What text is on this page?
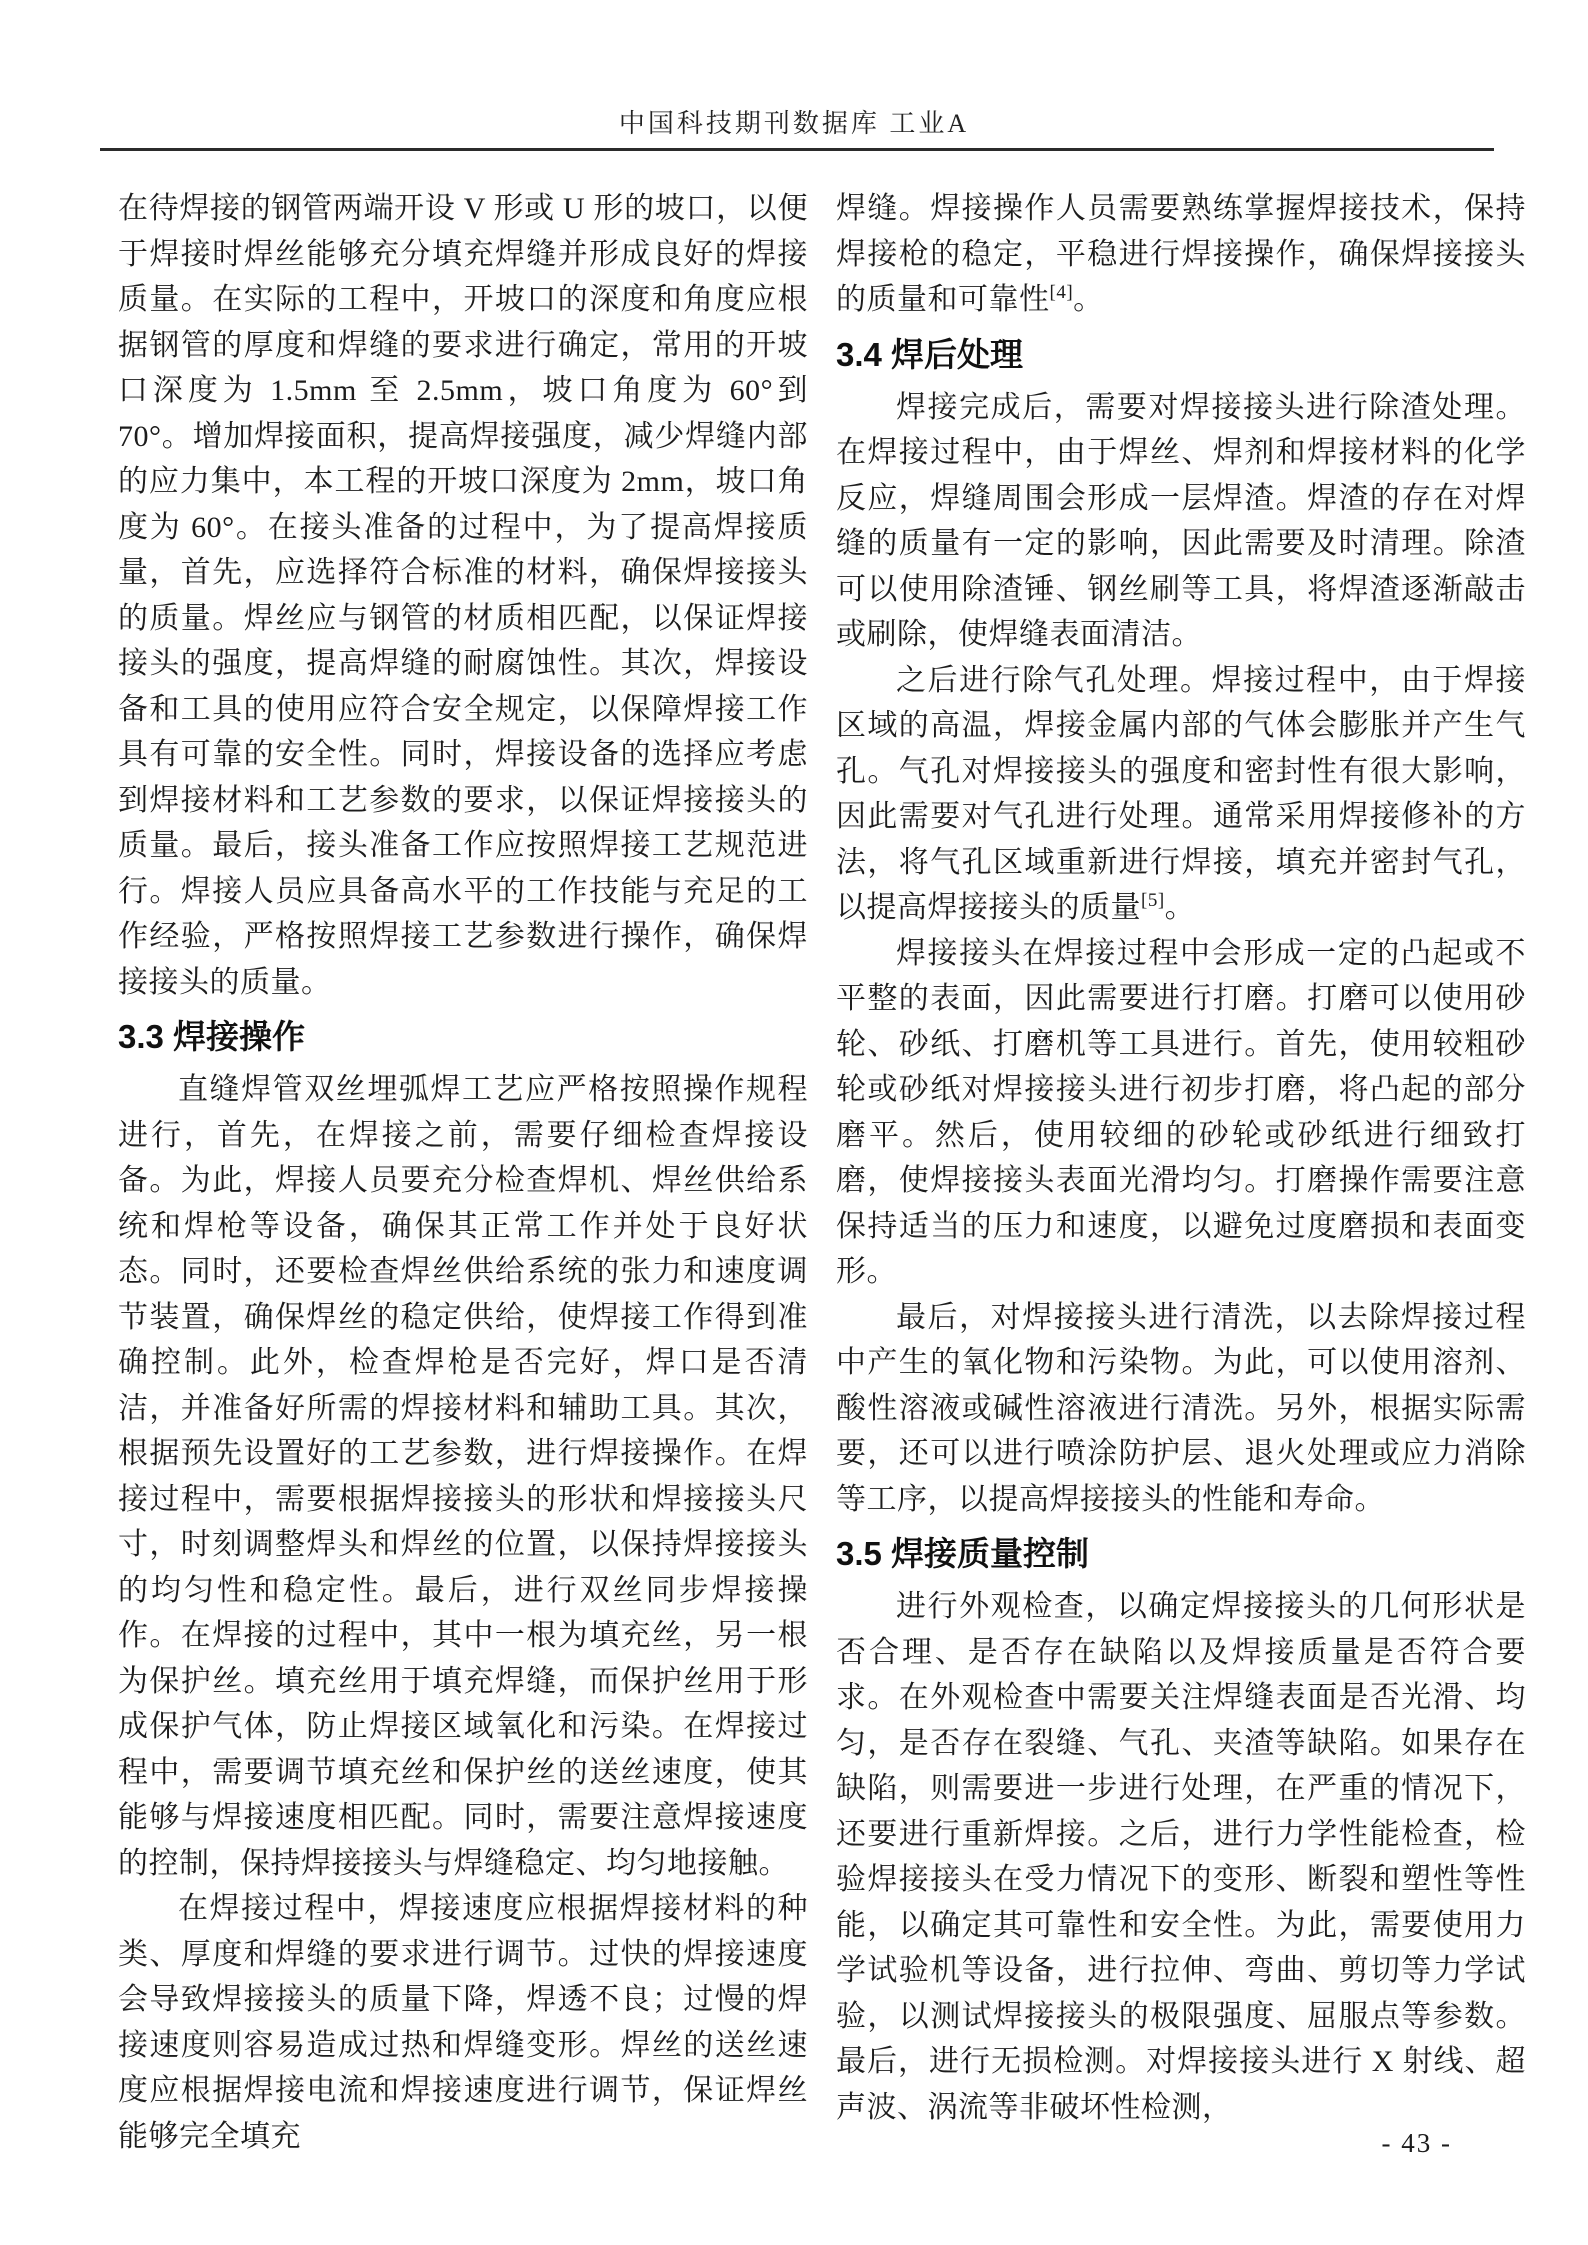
中国科技期刊数据库 工业A

在待焊接的钢管两端开设 V 形或 U 形的坡口，以便于焊接时焊丝能够充分填充焊缝并形成良好的焊接质量。在实际的工程中，开坡口的深度和角度应根据钢管的厚度和焊缝的要求进行确定，常用的开坡口深度为 1.5mm 至 2.5mm，坡口角度为 60°到 70°。增加焊接面积，提高焊接强度，减少焊缝内部的应力集中，本工程的开坡口深度为 2mm，坡口角度为 60°。在接头准备的过程中，为了提高焊接质量，首先，应选择符合标准的材料，确保焊接接头的质量。焊丝应与钢管的材质相匹配，以保证焊接接头的强度，提高焊缝的耐腐蚀性。其次，焊接设备和工具的使用应符合安全规定，以保障焊接工作具有可靠的安全性。同时，焊接设备的选择应考虑到焊接材料和工艺参数的要求，以保证焊接接头的质量。最后，接头准备工作应按照焊接工艺规范进行。焊接人员应具备高水平的工作技能与充足的工作经验，严格按照焊接工艺参数进行操作，确保焊接接头的质量。

3.3 焊接操作

直缝焊管双丝埋弧焊工艺应严格按照操作规程进行，首先，在焊接之前，需要仔细检查焊接设备。为此，焊接人员要充分检查焊机、焊丝供给系统和焊枪等设备，确保其正常工作并处于良好状态。同时，还要检查焊丝供给系统的张力和速度调节装置，确保焊丝的稳定供给，使焊接工作得到准确控制。此外，检查焊枪是否完好，焊口是否清洁，并准备好所需的焊接材料和辅助工具。其次，根据预先设置好的工艺参数，进行焊接操作。在焊接过程中，需要根据焊接接头的形状和焊接接头尺寸，时刻调整焊头和焊丝的位置，以保持焊接接头的均匀性和稳定性。最后，进行双丝同步焊接操作。在焊接的过程中，其中一根为填充丝，另一根为保护丝。填充丝用于填充焊缝，而保护丝用于形成保护气体，防止焊接区域氧化和污染。在焊接过程中，需要调节填充丝和保护丝的送丝速度，使其能够与焊接速度相匹配。同时，需要注意焊接速度的控制，保持焊接接头与焊缝稳定、均匀地接触。

在焊接过程中，焊接速度应根据焊接材料的种类、厚度和焊缝的要求进行调节。过快的焊接速度会导致焊接接头的质量下降，焊透不良；过慢的焊接速度则容易造成过热和焊缝变形。焊丝的送丝速度应根据焊接电流和焊接速度进行调节，保证焊丝能够完全填充

焊缝。焊接操作人员需要熟练掌握焊接技术，保持焊接枪的稳定，平稳进行焊接操作，确保焊接接头的质量和可靠性[4]。

3.4 焊后处理

焊接完成后，需要对焊接接头进行除渣处理。在焊接过程中，由于焊丝、焊剂和焊接材料的化学反应，焊缝周围会形成一层焊渣。焊渣的存在对焊缝的质量有一定的影响，因此需要及时清理。除渣可以使用除渣锤、钢丝刷等工具，将焊渣逐渐敲击或刷除，使焊缝表面清洁。

之后进行除气孔处理。焊接过程中，由于焊接区域的高温，焊接金属内部的气体会膨胀并产生气孔。气孔对焊接接头的强度和密封性有很大影响，因此需要对气孔进行处理。通常采用焊接修补的方法，将气孔区域重新进行焊接，填充并密封气孔，以提高焊接接头的质量[5]。

焊接接头在焊接过程中会形成一定的凸起或不平整的表面，因此需要进行打磨。打磨可以使用砂轮、砂纸、打磨机等工具进行。首先，使用较粗砂轮或砂纸对焊接接头进行初步打磨，将凸起的部分磨平。然后，使用较细的砂轮或砂纸进行细致打磨，使焊接接头表面光滑均匀。打磨操作需要注意保持适当的压力和速度，以避免过度磨损和表面变形。

最后，对焊接接头进行清洗，以去除焊接过程中产生的氧化物和污染物。为此，可以使用溶剂、酸性溶液或碱性溶液进行清洗。另外，根据实际需要，还可以进行喷涂防护层、退火处理或应力消除等工序，以提高焊接接头的性能和寿命。

3.5 焊接质量控制

进行外观检查，以确定焊接接头的几何形状是否合理、是否存在缺陷以及焊接质量是否符合要求。在外观检查中需要关注焊缝表面是否光滑、均匀，是否存在裂缝、气孔、夹渣等缺陷。如果存在缺陷，则需要进一步进行处理，在严重的情况下，还要进行重新焊接。之后，进行力学性能检查，检验焊接接头在受力情况下的变形、断裂和塑性等性能，以确定其可靠性和安全性。为此，需要使用力学试验机等设备，进行拉伸、弯曲、剪切等力学试验，以测试焊接接头的极限强度、屈服点等参数。最后，进行无损检测。对焊接接头进行 X 射线、超声波、涡流等非破坏性检测，

- 43 -
